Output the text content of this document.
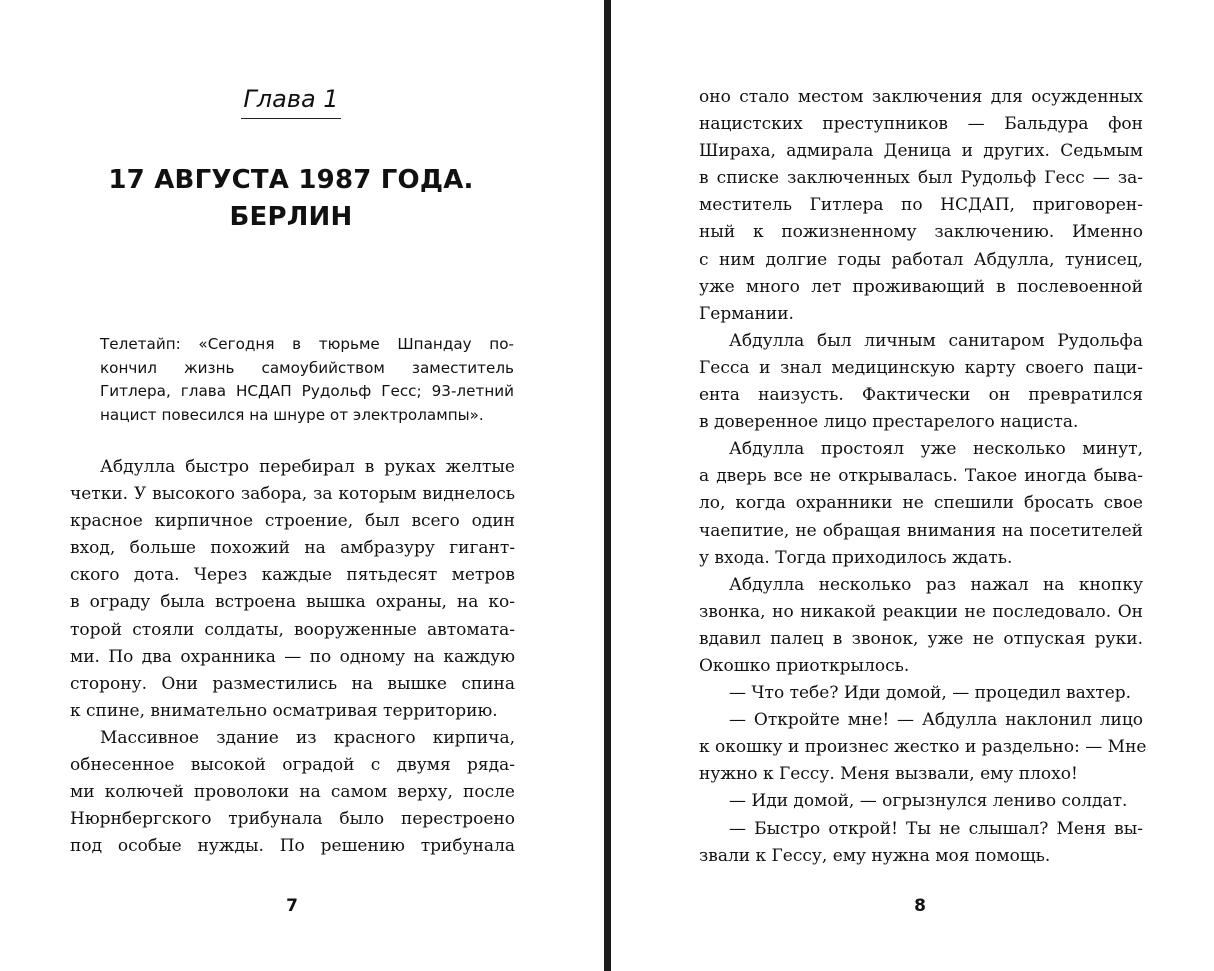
Глава 1
17 АВГУСТА 1987 ГОДА.
БЕРЛИН
Телетайп: «Сегодня в тюрьме Шпандау по-
кончил жизнь самоубийством заместитель
Гитлера, глава НСДАП Рудольф Гесс; 93-летний
нацист повесился на шнуре от электролампы».
Абдулла быстро перебирал в руках желтые
четки. У высокого забора, за которым виднелось
красное кирпичное строение, был всего один
вход, больше похожий на амбразуру гигант-
ского дота. Через каждые пятьдесят метров
в ограду была встроена вышка охраны, на ко-
торой стояли солдаты, вооруженные автомата-
ми. По два охранника — по одному на каждую
сторону. Они разместились на вышке спина
к спине, внимательно осматривая территорию.
Массивное здание из красного кирпича,
обнесенное высокой оградой с двумя ряда-
ми колючей проволоки на самом верху, после
Нюрнбергского трибунала было перестроено
под особые нужды. По решению трибунала
7
оно стало местом заключения для осужденных
нацистских преступников — Бальдура фон
Шираха, адмирала Деница и других. Седьмым
в списке заключенных был Рудольф Гесс — за-
меститель Гитлера по НСДАП, приговорен-
ный к пожизненному заключению. Именно
с ним долгие годы работал Абдулла, тунисец,
уже много лет проживающий в послевоенной
Германии.
Абдулла был личным санитаром Рудольфа
Гесса и знал медицинскую карту своего паци-
ента наизусть. Фактически он превратился
в доверенное лицо престарелого нациста.
Абдулла простоял уже несколько минут,
а дверь все не открывалась. Такое иногда быва-
ло, когда охранники не спешили бросать свое
чаепитие, не обращая внимания на посетителей
у входа. Тогда приходилось ждать.
Абдулла несколько раз нажал на кнопку
звонка, но никакой реакции не последовало. Он
вдавил палец в звонок, уже не отпуская руки.
Окошко приоткрылось.
— Что тебе? Иди домой, — процедил вахтер.
— Откройте мне! — Абдулла наклонил лицо
к окошку и произнес жестко и раздельно: — Мне
нужно к Гессу. Меня вызвали, ему плохо!
— Иди домой, — огрызнулся лениво солдат.
— Быстро открой! Ты не слышал? Меня вы-
звали к Гессу, ему нужна моя помощь.
8
